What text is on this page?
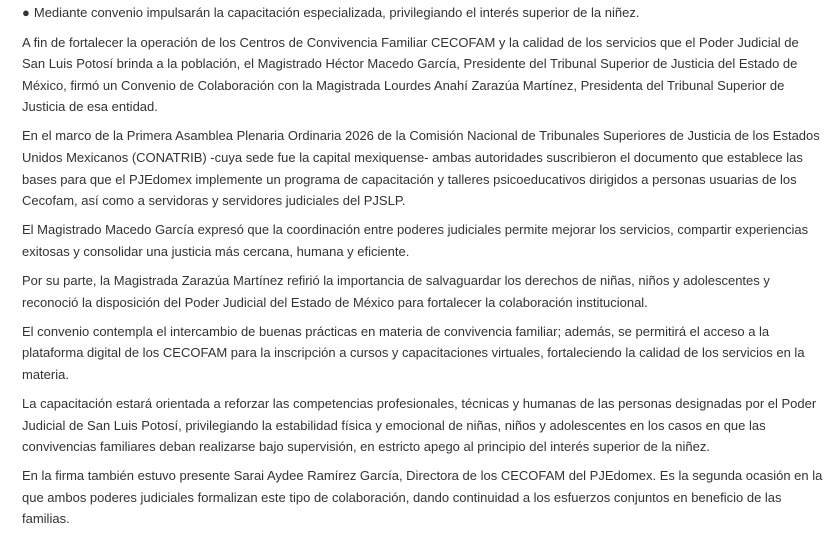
● Mediante convenio impulsarán la capacitación especializada, privilegiando el interés superior de la niñez.

A fin de fortalecer la operación de los Centros de Convivencia Familiar CECOFAM y la calidad de los servicios que el Poder Judicial de San Luis Potosí brinda a la población, el Magistrado Héctor Macedo García, Presidente del Tribunal Superior de Justicia del Estado de México, firmó un Convenio de Colaboración con la Magistrada Lourdes Anahí Zarazúa Martínez, Presidenta del Tribunal Superior de Justicia de esa entidad.

En el marco de la Primera Asamblea Plenaria Ordinaria 2026 de la Comisión Nacional de Tribunales Superiores de Justicia de los Estados Unidos Mexicanos (CONATRIB) -cuya sede fue la capital mexiquense- ambas autoridades suscribieron el documento que establece las bases para que el PJEdomex implemente un programa de capacitación y talleres psicoeducativos dirigidos a personas usuarias de los Cecofam, así como a servidoras y servidores judiciales del PJSLP.

El Magistrado Macedo García expresó que la coordinación entre poderes judiciales permite mejorar los servicios, compartir experiencias exitosas y consolidar una justicia más cercana, humana y eficiente.

Por su parte, la Magistrada Zarazúa Martínez refirió la importancia de salvaguardar los derechos de niñas, niños y adolescentes y reconoció la disposición del Poder Judicial del Estado de México para fortalecer la colaboración institucional.

El convenio contempla el intercambio de buenas prácticas en materia de convivencia familiar; además, se permitirá el acceso a la plataforma digital de los CECOFAM para la inscripción a cursos y capacitaciones virtuales, fortaleciendo la calidad de los servicios en la materia.

La capacitación estará orientada a reforzar las competencias profesionales, técnicas y humanas de las personas designadas por el Poder Judicial de San Luis Potosí, privilegiando la estabilidad física y emocional de niñas, niños y adolescentes en los casos en que las convivencias familiares deban realizarse bajo supervisión, en estricto apego al principio del interés superior de la niñez.

En la firma también estuvo presente Sarai Aydee Ramírez García, Directora de los CECOFAM del PJEdomex. Es la segunda ocasión en la que ambos poderes judiciales formalizan este tipo de colaboración, dando continuidad a los esfuerzos conjuntos en beneficio de las familias.
